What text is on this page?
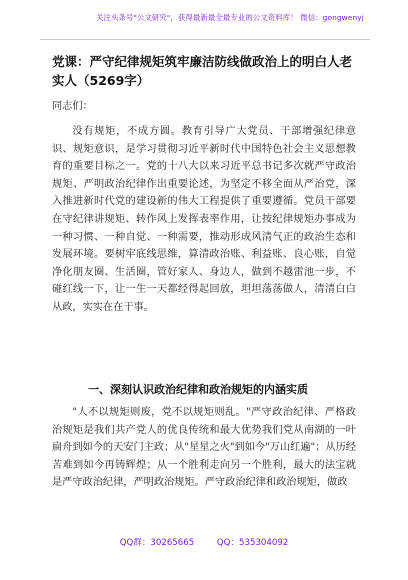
关注头条号"公文研究"，获得最新最全最专业的公文资料库！ 微信：gongwenyj
党课：严守纪律规矩筑牢廉洁防线做政治上的明白人老实人（5269字）
同志们：
没有规矩，不成方圆。教育引导广大党员、干部增强纪律意识、规矩意识，是学习贯彻习近平新时代中国特色社会主义思想教育的重要目标之一。党的十八大以来习近平总书记多次就严守政治规矩、严明政治纪律作出重要论述，为坚定不移全面从严治党，深入推进新时代党的建设新的伟大工程提供了重要遵循。党员干部要在守纪律讲规矩、转作风上发挥表率作用，让按纪律规矩办事成为一种习惯、一种自觉、一种需要，推动形成风清气正的政治生态和发展环境。要树牢底线思维，算清政治账、利益账、良心账，自觉净化朋友圈、生活圈，管好家人、身边人，做到不越雷池一步，不碰红线一下，让一生一天都经得起回放，坦坦荡荡做人，清清白白从政，实实在在干事。
一、深刻认识政治纪律和政治规矩的内涵实质
"人不以规矩则废，党不以规矩则乱。"严守政治纪律、严格政治规矩是我们共产党人的优良传统和最大优势我们党从南湖的一叶扁舟到如今的天安门主政；从"星星之火"到如今"万山红遍"；从历经苦难到如今再铸辉煌；从一个胜利走向另一个胜利，最大的法宝就是严守政治纪律，严明政治规矩。严守政治纪律和政治规矩，做政
QQ群：30265665	QQ：535304092
